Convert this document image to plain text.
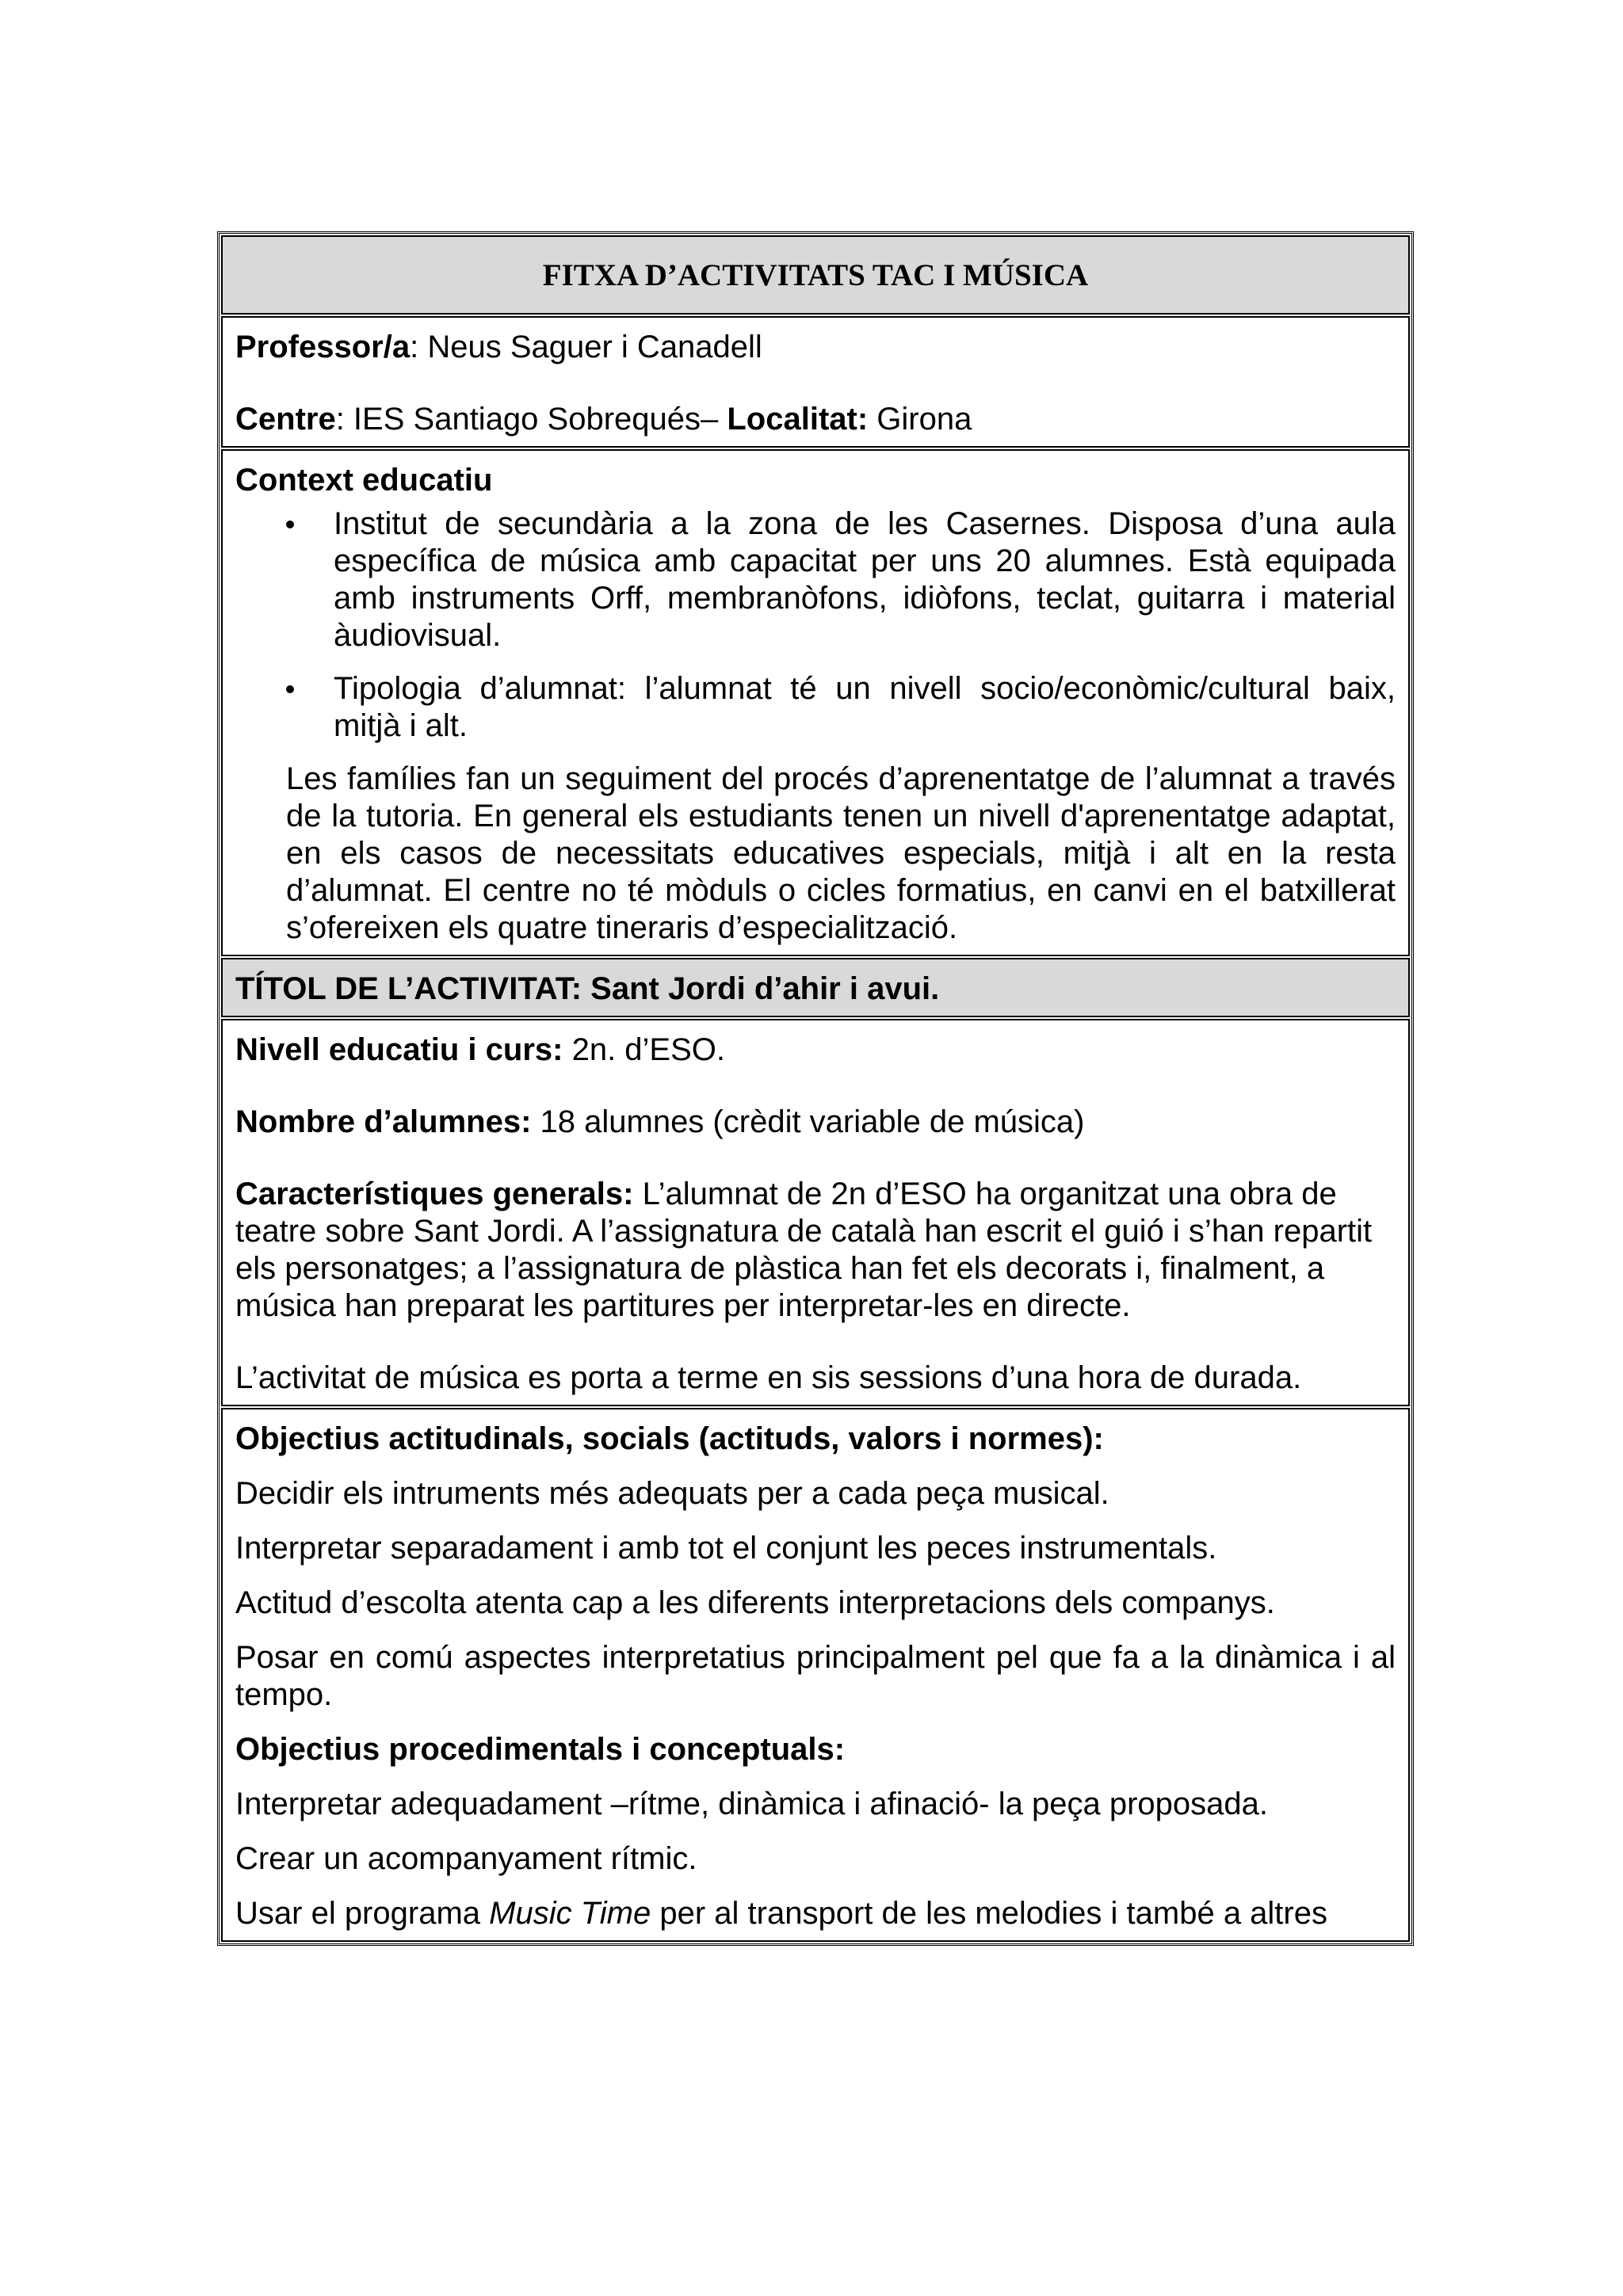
FITXA D’ACTIVITATS TAC I MÚSICA

Professor/a: Neus Saguer i Canadell

Centre: IES Santiago Sobrequés– Localitat: Girona

Context educatiu

Institut de secundària a la zona de les Casernes. Disposa d’una aula específica de música amb capacitat per uns 20 alumnes. Està equipada amb instruments Orff, membranòfons, idiòfons, teclat, guitarra i material àudiovisual.
Tipologia d’alumnat: l’alumnat té un nivell socio/econòmic/cultural baix, mitjà i alt.

Les famílies fan un seguiment del procés d’aprenentatge de l’alumnat a través de la tutoria. En general els estudiants tenen un nivell d'aprenentatge adaptat, en els casos de necessitats educatives especials, mitjà i alt en la resta d’alumnat. El centre no té mòduls o cicles formatius, en canvi en el batxillerat s’ofereixen els quatre tineraris d’especialització.

TÍTOL DE L’ACTIVITAT: Sant Jordi d’ahir i avui.

Nivell educatiu i curs: 2n. d’ESO.

Nombre d’alumnes: 18 alumnes (crèdit variable de música)

Característiques generals: L’alumnat de 2n d’ESO ha organitzat una obra de teatre sobre Sant Jordi. A l’assignatura de català han escrit el guió i s’han repartit els personatges; a l’assignatura de plàstica han fet els decorats i, finalment, a música han preparat les partitures per interpretar-les en directe.

L’activitat de música es porta a terme en sis sessions d’una hora de durada.

Objectius actitudinals, socials (actituds, valors i normes):

Decidir els intruments més adequats per a cada peça musical.

Interpretar separadament i amb tot el conjunt les peces instrumentals.

Actitud d’escolta atenta cap a les diferents interpretacions dels companys.

Posar en comú aspectes interpretatius principalment pel que fa a la dinàmica i al tempo.

Objectius procedimentals i conceptuals:

Interpretar adequadament –rítme, dinàmica i afinació- la peça proposada.

Crear un acompanyament rítmic.

Usar el programa Music Time per al transport de les melodies i també a altres
